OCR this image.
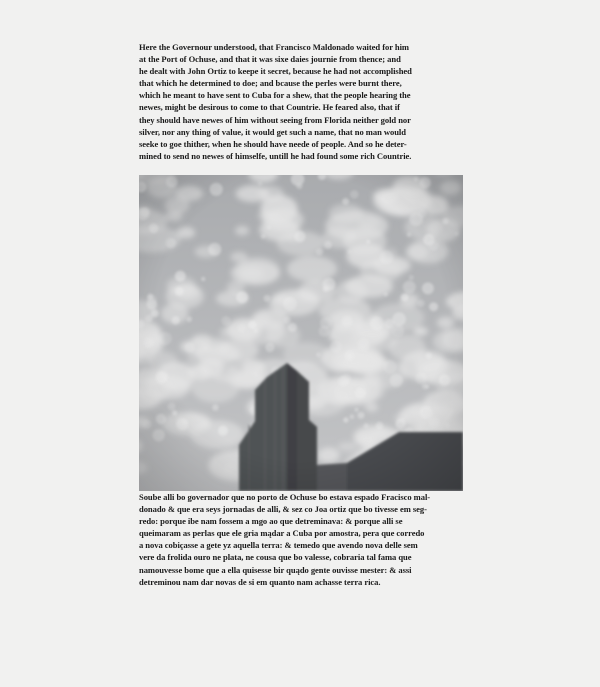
Here the Governour understood, that Francisco Maldonado waited for him
at the Port of Ochuse, and that it was sixe daies journie from thence; and
he dealt with John Ortiz to keepe it secret, because he had not accomplished
that which he determined to doe; and bcause the perles were burnt there,
which he meant to have sent to Cuba for a shew, that the people hearing the
newes, might be desirous to come to that Countrie. He feared also, that if
they should have newes of him without seeing from Florida neither gold nor
silver, nor any thing of value, it would get such a name, that no man would
seeke to goe thither, when he should have neede of people. And so he deter-
mined to send no newes of himselfe, untill he had found some rich Countrie.
Soube alli bo governador que no porto de Ochuse bo estava espado Fracisco mal-
donado & que era seys jornadas de alli, & sez co Joa ortiz que bo tivesse em seg-
redo: porque ibe nam fossem a mgo ao que detreminava: & porque alli se
queimaram as perlas que ele gria mądar a Cuba por amostra, pera que corredo
a nova cobiçasse a gete yz aquella terra: & temedo que avendo nova delle sem
vere da frolida ouro ne plata, ne cousa que bo valesse, cobraria tal fama que
namouvesse bome que a ella quisesse bir quądo gente ouvisse mester: & assi
detreminou nam dar novas de si em quanto nam achasse terra rica.
